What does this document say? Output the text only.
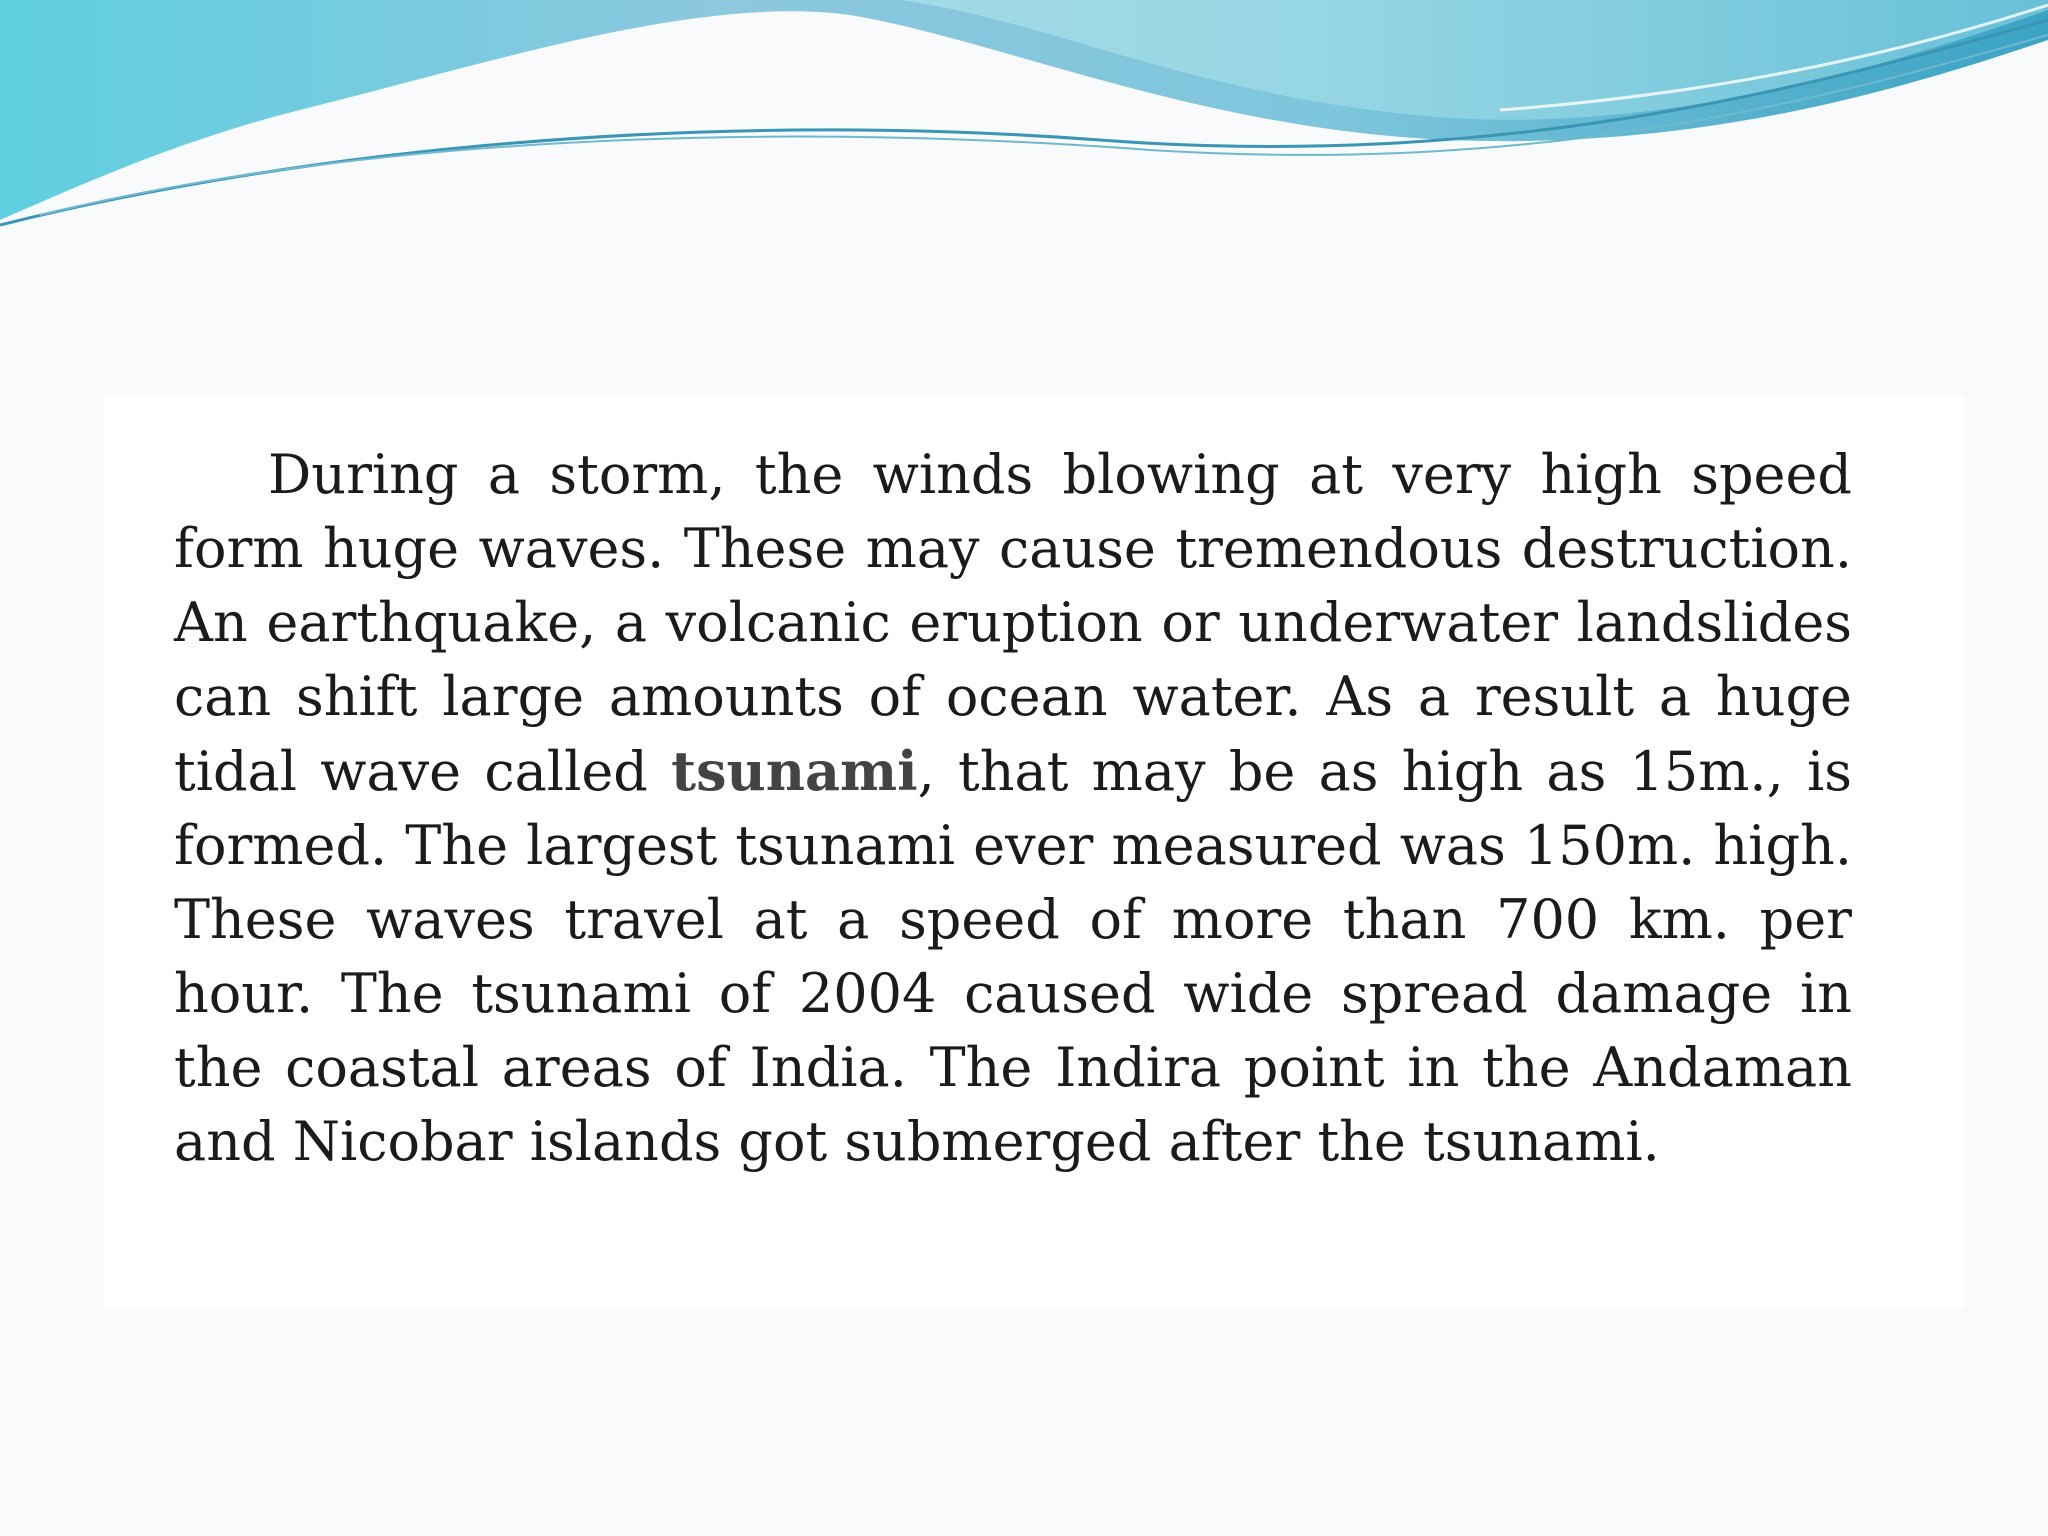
During a storm, the winds blowing at very high speed form huge waves. These may cause tremendous destruction. An earthquake, a volcanic eruption or underwater landslides can shift large amounts of ocean water. As a result a huge tidal wave called tsunami, that may be as high as 15m., is formed. The largest tsunami ever measured was 150m. high. These waves travel at a speed of more than 700 km. per hour. The tsunami of 2004 caused wide spread damage in the coastal areas of India. The Indira point in the Andaman and Nicobar islands got submerged after the tsunami.
